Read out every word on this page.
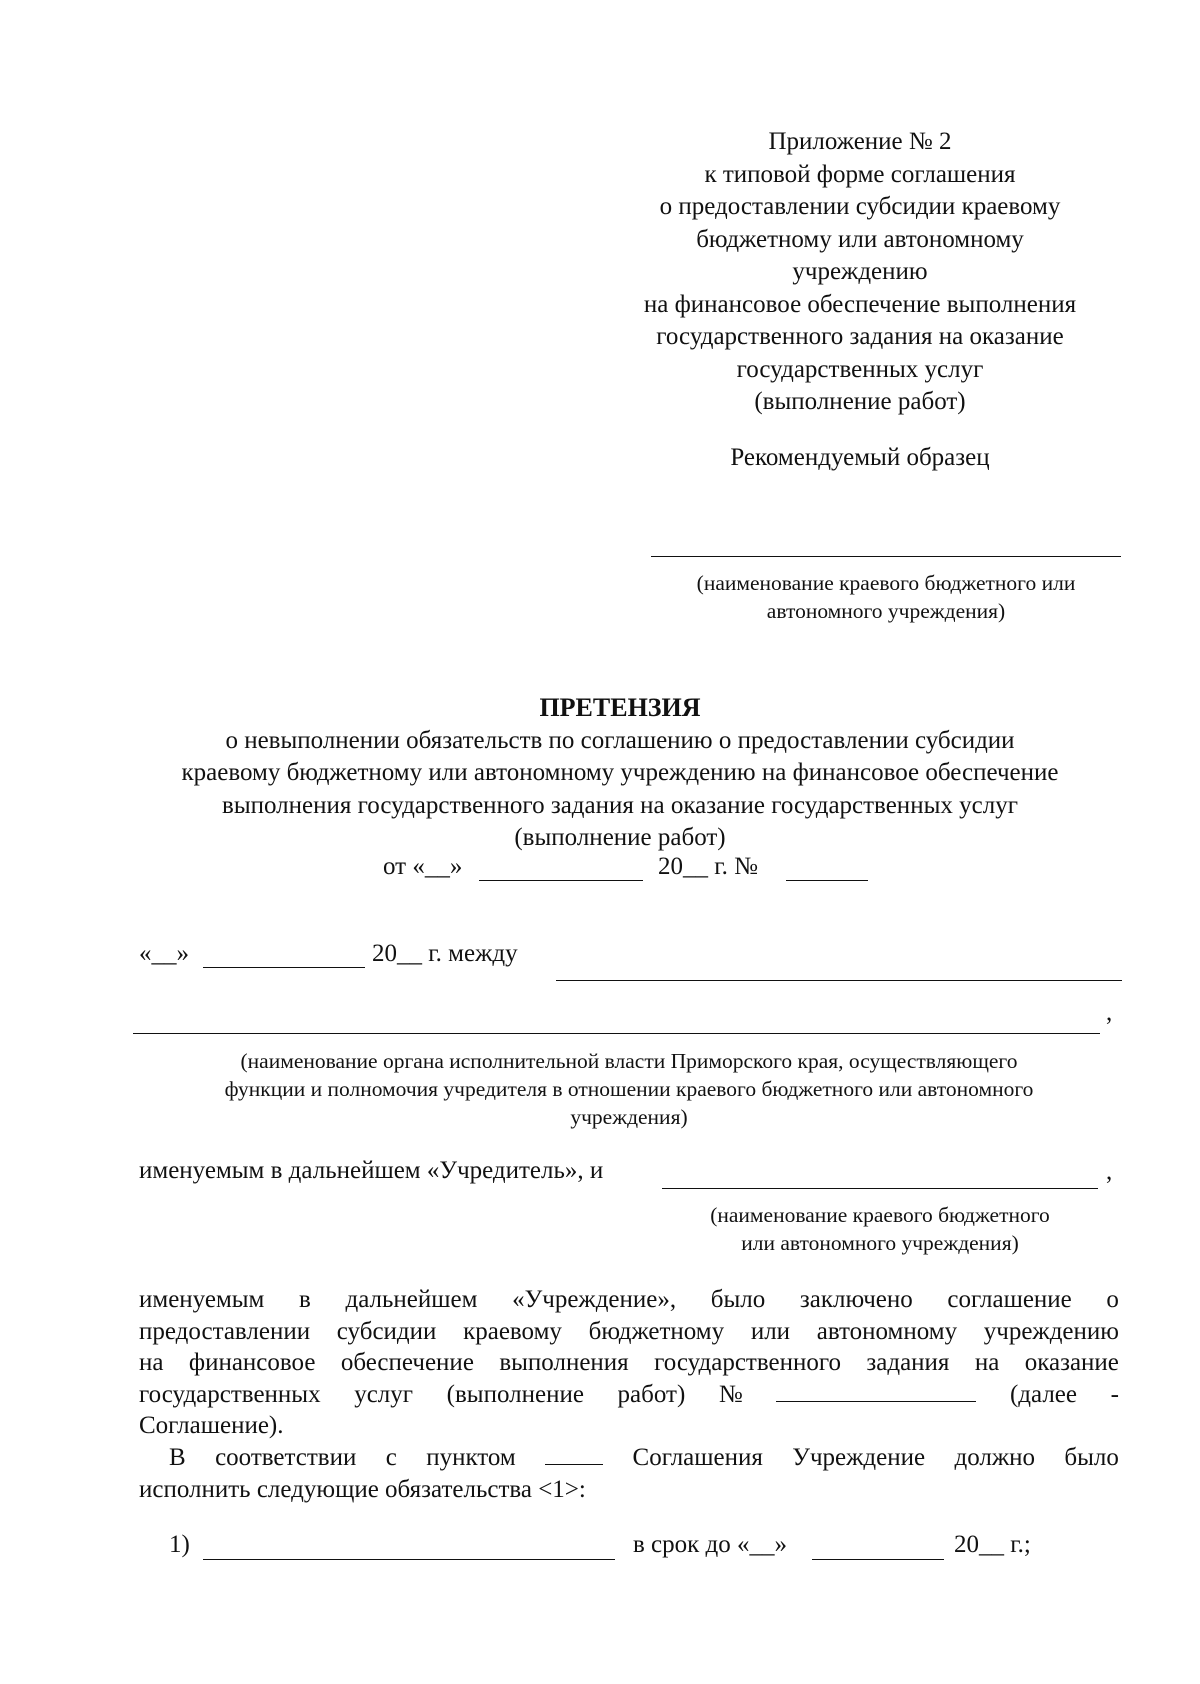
Приложение № 2
к типовой форме соглашения
о предоставлении субсидии краевому
бюджетному или автономному
учреждению
на финансовое обеспечение выполнения
государственного задания на оказание
государственных услуг
(выполнение работ)
Рекомендуемый образец
(наименование краевого бюджетного или
автономного учреждения)
ПРЕТЕНЗИЯ
о невыполнении обязательств по соглашению о предоставлении субсидии
краевому бюджетному или автономному учреждению на финансовое обеспечение
выполнения государственного задания на оказание государственных услуг
(выполнение работ)
от «__»	20__ г. №
«__»	20__ г. между
,
(наименование органа исполнительной власти Приморского края, осуществляющего
функции и полномочия учредителя в отношении краевого бюджетного или автономного
учреждения)
именуемым в дальнейшем «Учредитель», и	,
(наименование краевого бюджетного
или автономного учреждения)
именуемым в дальнейшем «Учреждение», было заключено соглашение о
предоставлении субсидии краевому бюджетному или автономному учреждению
на финансовое обеспечение выполнения государственного задания на оказание
государственных услуг (выполнение работ) №	(далее -
Соглашение).
В соответствии с пунктом	Соглашения Учреждение должно было
исполнить следующие обязательства <1>:
1)	в срок до «__»	20__ г.;
